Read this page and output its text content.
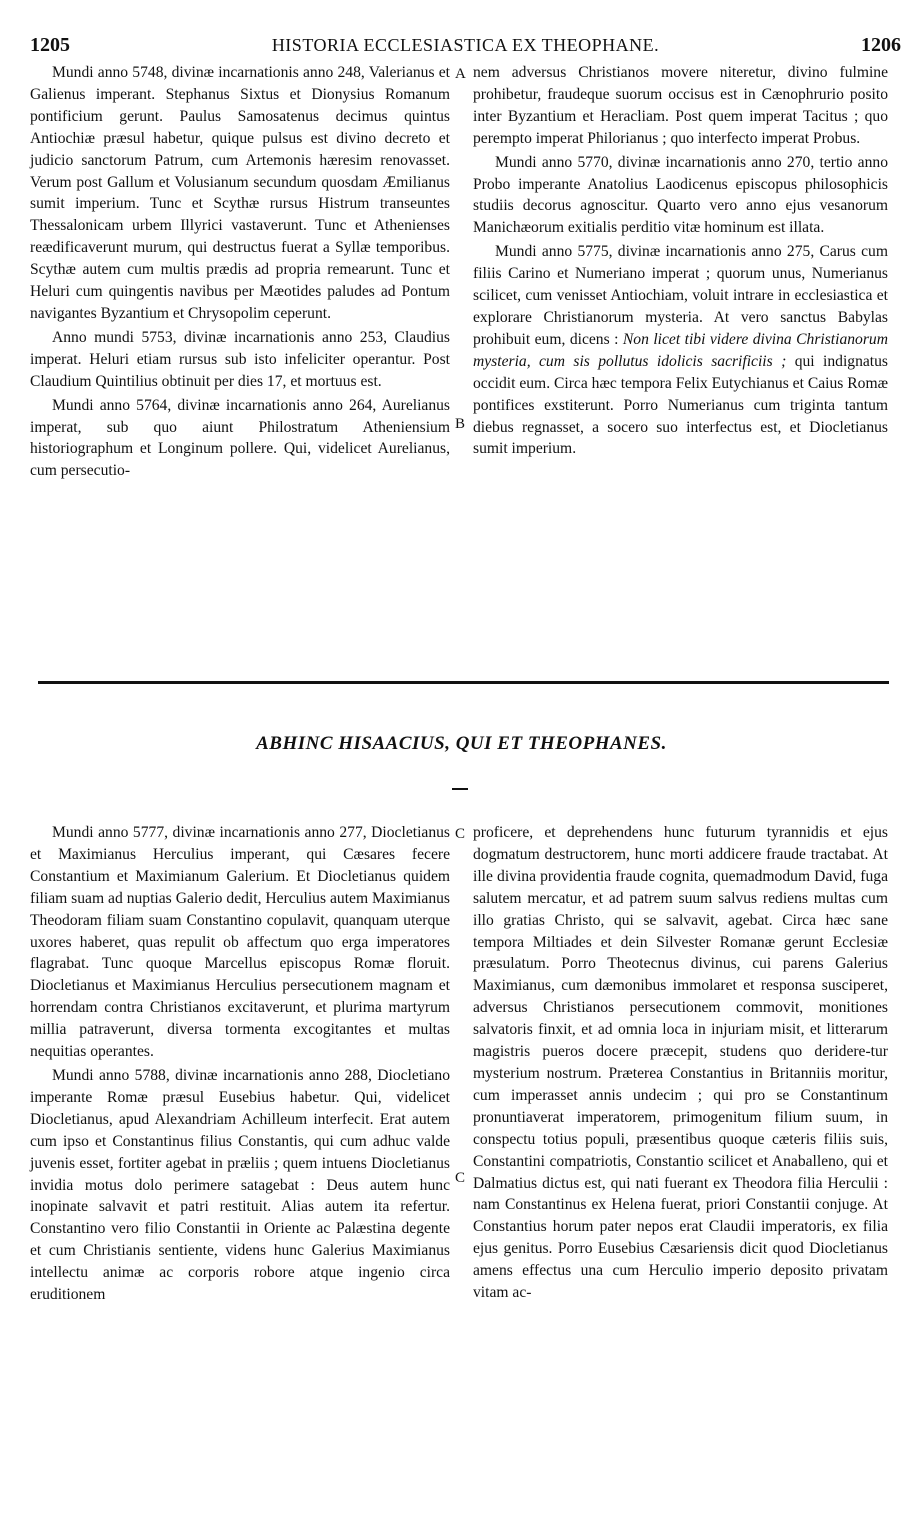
1205	HISTORIA ECCLESIASTICA EX THEOPHANE.	1206

Mundi anno 5748, divinæ incarnationis anno 248, Valerianus et Galienus imperant. Stephanus Sixtus et Dionysius Romanum pontificium gerunt. Paulus Samosatenus decimus quintus Antiochiæ præsul habetur, quique pulsus est divino decreto et judicio sanctorum Patrum, cum Artemonis hæresim renovasset. Verum post Gallum et Volusianum secundum quosdam Æmilianus sumit imperium. Tunc et Scythæ rursus Histrum transeuntes Thessalonicam urbem Illyrici vastaverunt. Tunc et Athenienses reædificaverunt murum, qui destructus fuerat a Syllæ temporibus. Scythæ autem cum multis prædis ad propria remearunt. Tunc et Heluri cum quingentis navibus per Mæotides paludes ad Pontum navigantes Byzantium et Chrysopolim ceperunt.

Anno mundi 5753, divinæ incarnationis anno 253, Claudius imperat. Heluri etiam rursus sub isto infeliciter operantur. Post Claudium Quintilius obtinuit per dies 17, et mortuus est.

Mundi anno 5764, divinæ incarnationis anno 264, Aurelianus imperat, sub quo aiunt Philostratum Atheniensium historiographum et Longinum pollere. Qui, videlicet Aurelianus, cum persecutio-

A
B

nem adversus Christianos movere niteretur, divino fulmine prohibetur, fraudeque suorum occisus est in Cænophrurio posito inter Byzantium et Heracliam. Post quem imperat Tacitus ; quo perempto imperat Philorianus ; quo interfecto imperat Probus.

Mundi anno 5770, divinæ incarnationis anno 270, tertio anno Probo imperante Anatolius Laodicenus episcopus philosophicis studiis decorus agnoscitur. Quarto vero anno ejus vesanorum Manichæorum exitialis perditio vitæ hominum est illata.

Mundi anno 5775, divinæ incarnationis anno 275, Carus cum filiis Carino et Numeriano imperat ; quorum unus, Numerianus scilicet, cum venisset Antiochiam, voluit intrare in ecclesiastica et explorare Christianorum mysteria. At vero sanctus Babylas prohibuit eum, dicens : Non licet tibi videre divina Christianorum mysteria, cum sis pollutus idolicis sacrificiis ; qui indignatus occidit eum. Circa hæc tempora Felix Eutychianus et Caius Romæ pontifices exstiterunt. Porro Numerianus cum triginta tantum diebus regnasset, a socero suo interfectus est, et Diocletianus sumit imperium.

ABHINC HISAACIUS, QUI ET THEOPHANES.

Mundi anno 5777, divinæ incarnationis anno 277, Diocletianus et Maximianus Herculius imperant, qui Cæsares fecere Constantium et Maximianum Galerium. Et Diocletianus quidem filiam suam ad nuptias Galerio dedit, Herculius autem Maximianus Theodoram filiam suam Constantino copulavit, quanquam uterque uxores haberet, quas repulit ob affectum quo erga imperatores flagrabat. Tunc quoque Marcellus episcopus Romæ floruit. Diocletianus et Maximianus Herculius persecutionem magnam et horrendam contra Christianos excitaverunt, et plurima martyrum millia patraverunt, diversa tormenta excogitantes et multas nequitias operantes.

Mundi anno 5788, divinæ incarnationis anno 288, Diocletiano imperante Romæ præsul Eusebius habetur. Qui, videlicet Diocletianus, apud Alexandriam Achilleum interfecit. Erat autem cum ipso et Constantinus filius Constantis, qui cum adhuc valde juvenis esset, fortiter agebat in præliis ; quem intuens Diocletianus invidia motus dolo perimere satagebat : Deus autem hunc inopinate salvavit et patri restituit. Alias autem ita refertur. Constantino vero filio Constantii in Oriente ac Palæstina degente et cum Christianis sentiente, videns hunc Galerius Maximianus intellectu animæ ac corporis robore atque ingenio circa eruditionem

C
C

proficere, et deprehendens hunc futurum tyrannidis et ejus dogmatum destructorem, hunc morti addicere fraude tractabat. At ille divina providentia fraude cognita, quemadmodum David, fuga salutem mercatur, et ad patrem suum salvus rediens multas cum illo gratias Christo, qui se salvavit, agebat. Circa hæc sane tempora Miltiades et dein Silvester Romanæ gerunt Ecclesiæ præsulatum. Porro Theotecnus divinus, cui parens Galerius Maximianus, cum dæmonibus immolaret et responsa susciperet, adversus Christianos persecutionem commovit, monitiones salvatoris finxit, et ad omnia loca in injuriam misit, et litterarum magistris pueros docere præcepit, studens quo deridere-tur mysterium nostrum. Præterea Constantius in Britanniis moritur, cum imperasset annis undecim ; qui pro se Constantinum pronuntiaverat imperatorem, primogenitum filium suum, in conspectu totius populi, præsentibus quoque cæteris filiis suis, Constantini compatriotis, Constantio scilicet et Anaballeno, qui et Dalmatius dictus est, qui nati fuerant ex Theodora filia Herculii : nam Constantinus ex Helena fuerat, priori Constantii conjuge. At Constantius horum pater nepos erat Claudii imperatoris, ex filia ejus genitus. Porro Eusebius Cæsariensis dicit quod Diocletianus amens effectus una cum Herculio imperio deposito privatam vitam ac-
